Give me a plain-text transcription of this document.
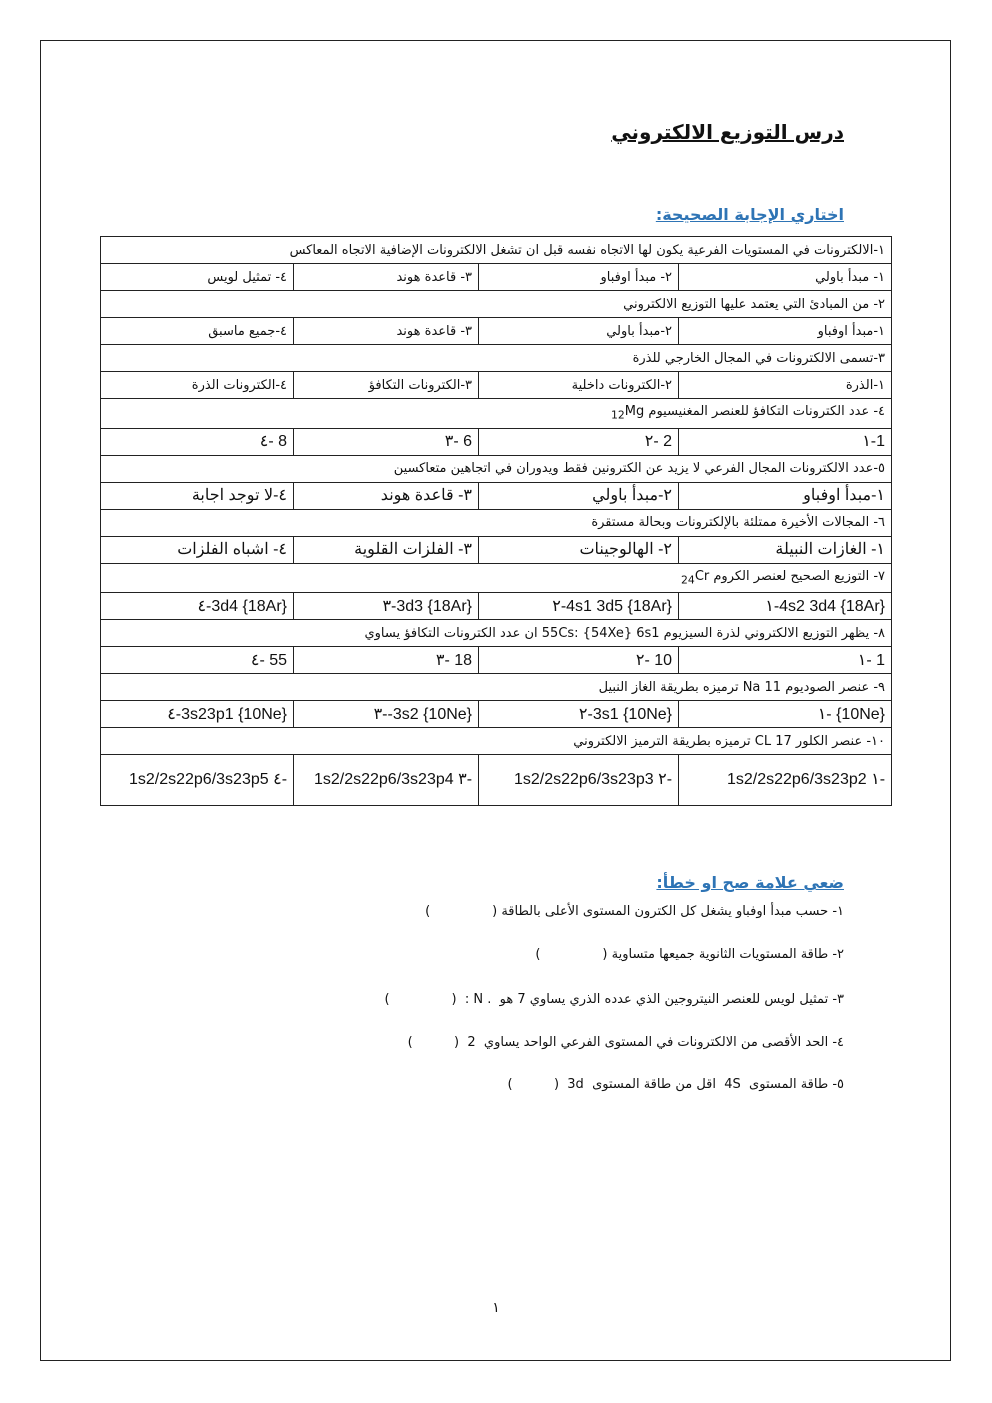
درس التوزيع الالكتروني
اختاري الإجابة الصحيحة:
١-الالكترونات في المستويات الفرعية يكون لها الاتجاه نفسه قبل ان تشغل الالكترونات الإضافية الاتجاه المعاكس			
١- مبدأ باولي	٢- مبدأ اوفباو	٣- قاعدة هوند	٤- تمثيل لويس
٢- من المبادئ التي يعتمد عليها التوزيع الالكتروني			
١-مبدأ اوفباو	٢-مبدأ باولي	٣- قاعدة هوند	٤-جميع ماسبق
٣-تسمى الالكترونات في المجال الخارجي للذرة			
١-الذرة	٢-الكترونات داخلية	٣-الكترونات التكافؤ	٤-الكترونات الذرة
٤- عدد الكترونات التكافؤ للعنصر المغنيسيوم $_{12}$Mg			
1-١	2 -٢	6 -٣	8 -٤
٥-عدد الالكترونات المجال الفرعي لا يزيد عن الكترونين فقط ويدوران في اتجاهين متعاكسين			
١-مبدأ اوفباو	٢-مبدأ باولي	٣- قاعدة هوند	٤-لا توجد اجابة
٦- المجالات الأخيرة ممتلئة بالإلكترونات وبحالة مستقرة			
١- الغازات النبيلة	٢- الهالوجينات	٣- الفلزات القلوية	٤- اشباه الفلزات
٧- التوزيع الصحيح لعنصر الكروم $_{24}$Cr			
{18Ar} 4s2 3d4-١	{18Ar} 4s1 3d5-٢	{18Ar} 3d3-٣	{18Ar} 3d4-٤
٨- يظهر التوزيع الالكتروني لذرة السيزيوم 55Cs: {54Xe} 6s1 ان عدد الكترونات التكافؤ يساوي			
1 -١	10 -٢	18 -٣	55 -٤
٩- عنصر الصوديوم Na 11 ترميزه بطريقة الغاز النبيل			
{10Ne} -١	{10Ne} 3s1-٢	{10Ne} 3s2--٣	{10Ne} 3s23p1-٤
١٠- عنصر الكلور CL 17 ترميزه بطريقة الترميز الالكتروني			
-١ 1s2/2s22p6/3s23p2	-٢ 1s2/2s22p6/3s23p3	-٣ 1s2/2s22p6/3s23p4	-٤ 1s2/2s22p6/3s23p5
ضعي علامة صح او خطأ:
١- حسب مبدأ اوفباو يشغل كل الكترون المستوى الأعلى بالطاقة (               )
٢- طاقة المستويات الثانوية جميعها متساوية (               )
٣- تمثيل لويس للعنصر النيتروجين الذي عدده الذري يساوي 7 هو  . N :  (               )
٤- الحد الأقصى من الالكترونات في المستوى الفرعي الواحد يساوي  2  (          )
٥- طاقة المستوى  4S  اقل من طاقة المستوى  3d  (          )
١
